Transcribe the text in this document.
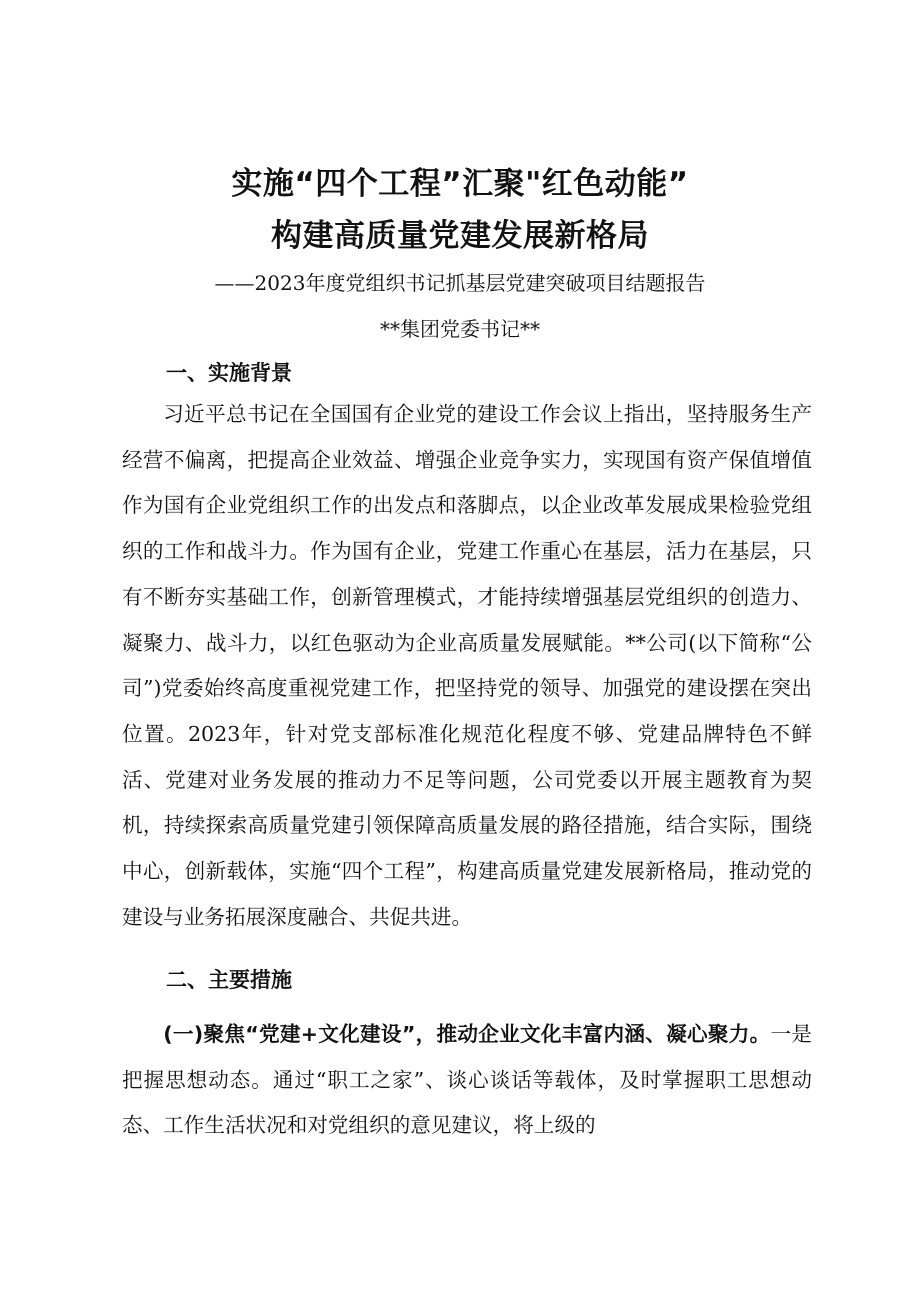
实施“四个工程”汇聚"红色动能”
构建高质量党建发展新格局

——2023年度党组织书记抓基层党建突破项目结题报告

**集团党委书记**

一、实施背景

习近平总书记在全国国有企业党的建设工作会议上指出，坚持服务生产经营不偏离，把提高企业效益、增强企业竞争实力，实现国有资产保值增值作为国有企业党组织工作的出发点和落脚点，以企业改革发展成果检验党组织的工作和战斗力。作为国有企业，党建工作重心在基层，活力在基层，只有不断夯实基础工作，创新管理模式，才能持续增强基层党组织的创造力、凝聚力、战斗力，以红色驱动为企业高质量发展赋能。**公司(以下简称“公司”)党委始终高度重视党建工作，把坚持党的领导、加强党的建设摆在突出位置。2023年，针对党支部标准化规范化程度不够、党建品牌特色不鲜活、党建对业务发展的推动力不足等问题，公司党委以开展主题教育为契机，持续探索高质量党建引领保障高质量发展的路径措施，结合实际，围绕中心，创新载体，实施“四个工程”，构建高质量党建发展新格局，推动党的建设与业务拓展深度融合、共促共进。

二、主要措施

(一)聚焦“党建+文化建设”，推动企业文化丰富内涵、凝心聚力。一是把握思想动态。通过“职工之家”、谈心谈话等载体，及时掌握职工思想动态、工作生活状况和对党组织的意见建议，将上级的
